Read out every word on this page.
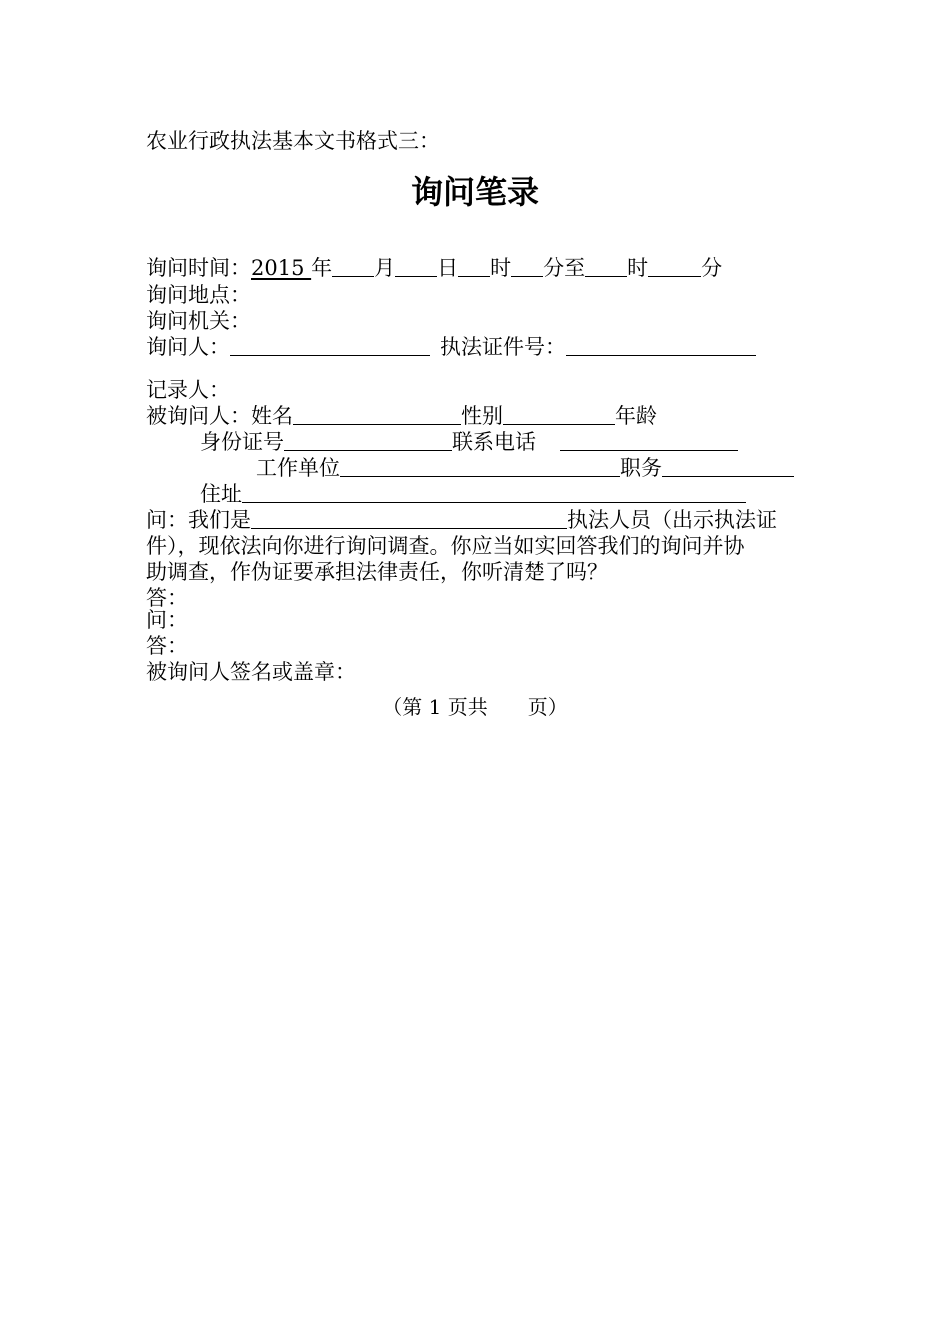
农业行政执法基本文书格式三：
询问笔录
询问时间：2015 年 月 日 时 分至 时	分
询问地点：
询问机关：
询问人：	执法证件号：
记录人：
被询问人：姓名	性别	年龄
身份证号	联系电话
工作单位	职务
住址
问：我们是	执法人员（出示执法证
件），现依法向你进行询问调查。你应当如实回答我们的询问并协
助调查，作伪证要承担法律责任，你听清楚了吗？
答：
问：
答：
被询问人签名或盖章：
（第 1 页共　　页）
